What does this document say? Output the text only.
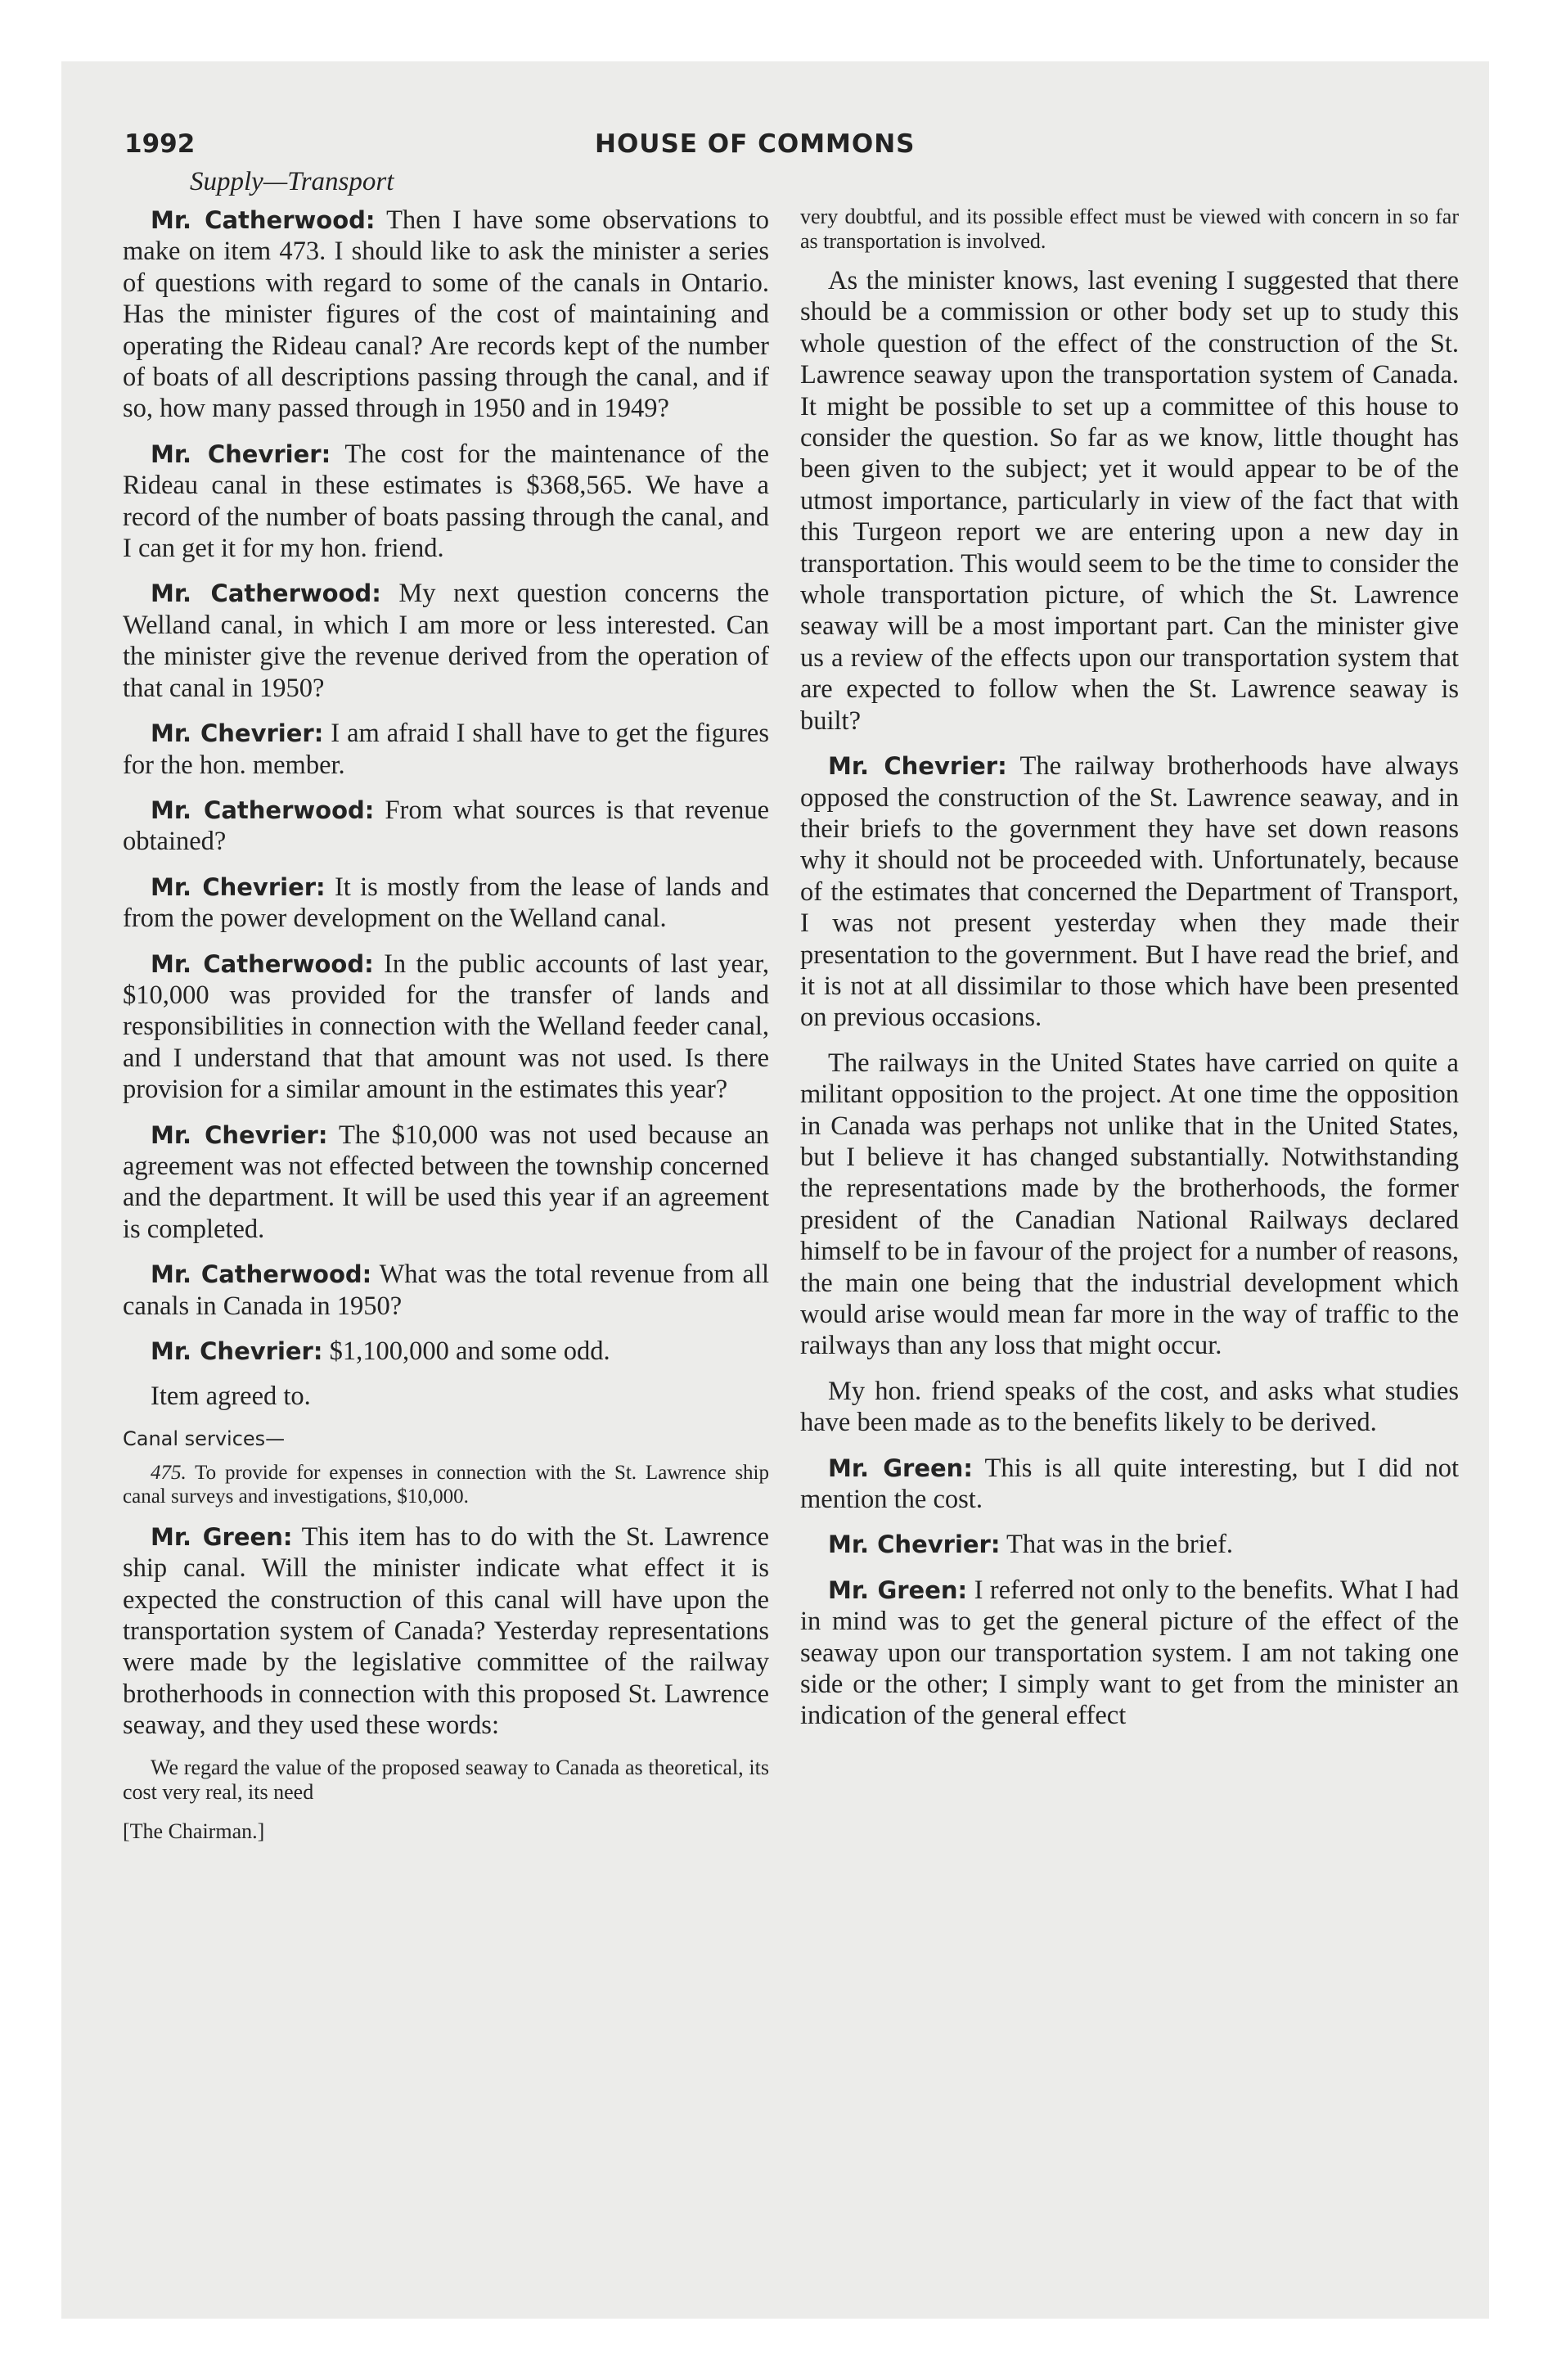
1992	HOUSE OF COMMONS
Supply—Transport

Mr. Catherwood: Then I have some observations to make on item 473. I should like to ask the minister a series of questions with regard to some of the canals in Ontario. Has the minister figures of the cost of maintaining and operating the Rideau canal? Are records kept of the number of boats of all descriptions passing through the canal, and if so, how many passed through in 1950 and in 1949?

Mr. Chevrier: The cost for the maintenance of the Rideau canal in these estimates is $368,565. We have a record of the number of boats passing through the canal, and I can get it for my hon. friend.

Mr. Catherwood: My next question concerns the Welland canal, in which I am more or less interested. Can the minister give the revenue derived from the operation of that canal in 1950?

Mr. Chevrier: I am afraid I shall have to get the figures for the hon. member.

Mr. Catherwood: From what sources is that revenue obtained?

Mr. Chevrier: It is mostly from the lease of lands and from the power development on the Welland canal.

Mr. Catherwood: In the public accounts of last year, $10,000 was provided for the transfer of lands and responsibilities in connection with the Welland feeder canal, and I understand that that amount was not used. Is there provision for a similar amount in the estimates this year?

Mr. Chevrier: The $10,000 was not used because an agreement was not effected between the township concerned and the department. It will be used this year if an agreement is completed.

Mr. Catherwood: What was the total revenue from all canals in Canada in 1950?

Mr. Chevrier: $1,100,000 and some odd.

Item agreed to.

Canal services—

475. To provide for expenses in connection with the St. Lawrence ship canal surveys and investigations, $10,000.

Mr. Green: This item has to do with the St. Lawrence ship canal. Will the minister indicate what effect it is expected the construction of this canal will have upon the transportation system of Canada? Yesterday representations were made by the legislative committee of the railway brotherhoods in connection with this proposed St. Lawrence seaway, and they used these words:

We regard the value of the proposed seaway to Canada as theoretical, its cost very real, its need

[The Chairman.]

very doubtful, and its possible effect must be viewed with concern in so far as transportation is involved.

As the minister knows, last evening I suggested that there should be a commission or other body set up to study this whole question of the effect of the construction of the St. Lawrence seaway upon the transportation system of Canada. It might be possible to set up a committee of this house to consider the question. So far as we know, little thought has been given to the subject; yet it would appear to be of the utmost importance, particularly in view of the fact that with this Turgeon report we are entering upon a new day in transportation. This would seem to be the time to consider the whole transportation picture, of which the St. Lawrence seaway will be a most important part. Can the minister give us a review of the effects upon our transportation system that are expected to follow when the St. Lawrence seaway is built?

Mr. Chevrier: The railway brotherhoods have always opposed the construction of the St. Lawrence seaway, and in their briefs to the government they have set down reasons why it should not be proceeded with. Unfortunately, because of the estimates that concerned the Department of Transport, I was not present yesterday when they made their presentation to the government. But I have read the brief, and it is not at all dissimilar to those which have been presented on previous occasions.

The railways in the United States have carried on quite a militant opposition to the project. At one time the opposition in Canada was perhaps not unlike that in the United States, but I believe it has changed substantially. Notwithstanding the representations made by the brotherhoods, the former president of the Canadian National Railways declared himself to be in favour of the project for a number of reasons, the main one being that the industrial development which would arise would mean far more in the way of traffic to the railways than any loss that might occur.

My hon. friend speaks of the cost, and asks what studies have been made as to the benefits likely to be derived.

Mr. Green: This is all quite interesting, but I did not mention the cost.

Mr. Chevrier: That was in the brief.

Mr. Green: I referred not only to the benefits. What I had in mind was to get the general picture of the effect of the seaway upon our transportation system. I am not taking one side or the other; I simply want to get from the minister an indication of the general effect
